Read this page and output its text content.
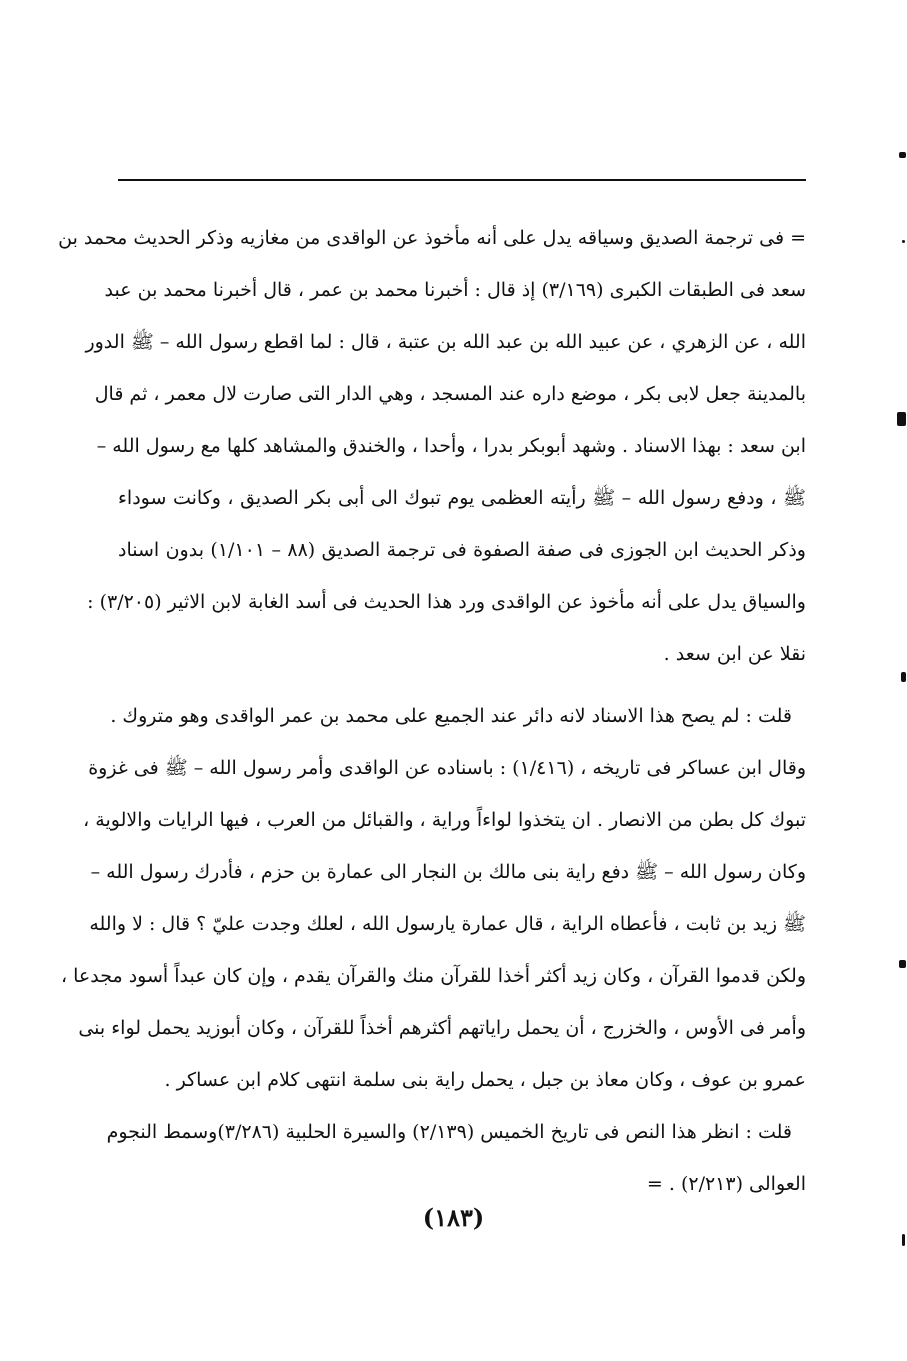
= فى ترجمة الصديق وسياقه يدل على أنه مأخوذ عن الواقدى من مغازيه وذكر الحديث محمد بن
سعد فى الطبقات الكبرى (٣/١٦٩) إذ قال : أخبرنا محمد بن عمر ، قال أخبرنا محمد بن عبد
الله ، عن الزهري ، عن عبيد الله بن عبد الله بن عتبة ، قال : لما اقطع رسول الله – ﷺ الدور
بالمدينة جعل لابى بكر ، موضع داره عند المسجد ، وهي الدار التى صارت لال معمر ، ثم قال
ابن سعد : بهذا الاسناد . وشهد أبوبكر بدرا ، وأحدا ، والخندق والمشاهد كلها مع رسول الله –
ﷺ ، ودفع رسول الله – ﷺ رأيته العظمى يوم تبوك الى أبى بكر الصديق ، وكانت سوداء
وذكر الحديث ابن الجوزى فى صفة الصفوة فى ترجمة الصديق (٨٨ – ١/١٠١) بدون اسناد
والسياق يدل على أنه مأخوذ عن الواقدى ورد هذا الحديث فى أسد الغابة لابن الاثير (٣/٢٠٥) :
نقلا عن ابن سعد .
قلت : لم يصح هذا الاسناد لانه دائر عند الجميع على محمد بن عمر الواقدى وهو متروك .
وقال ابن عساكر فى تاريخه ، (١/٤١٦) : باسناده عن الواقدى وأمر رسول الله – ﷺ فى غزوة
تبوك كل بطن من الانصار . ان يتخذوا لواءاً وراية ، والقبائل من العرب ، فيها الرايات والالوية ،
وكان رسول الله – ﷺ دفع راية بنى مالك بن النجار الى عمارة بن حزم ، فأدرك رسول الله –
ﷺ زيد بن ثابت ، فأعطاه الراية ، قال عمارة يارسول الله ، لعلك وجدت عليّ ؟ قال : لا والله
ولكن قدموا القرآن ، وكان زيد أكثر أخذا للقرآن منك والقرآن يقدم ، وإن كان عبداً أسود مجدعا ،
وأمر فى الأوس ، والخزرج ، أن يحمل راياتهم أكثرهم أخذاً للقرآن ، وكان أبوزيد يحمل لواء بنى
عمرو بن عوف ، وكان معاذ بن جبل ، يحمل راية بنى سلمة انتهى كلام ابن عساكر .
قلت : انظر هذا النص فى تاريخ الخميس (٢/١٣٩) والسيرة الحلبية (٣/٢٨٦)وسمط النجوم
العوالى (٢/٢١٣) . =
(١٨٣)
